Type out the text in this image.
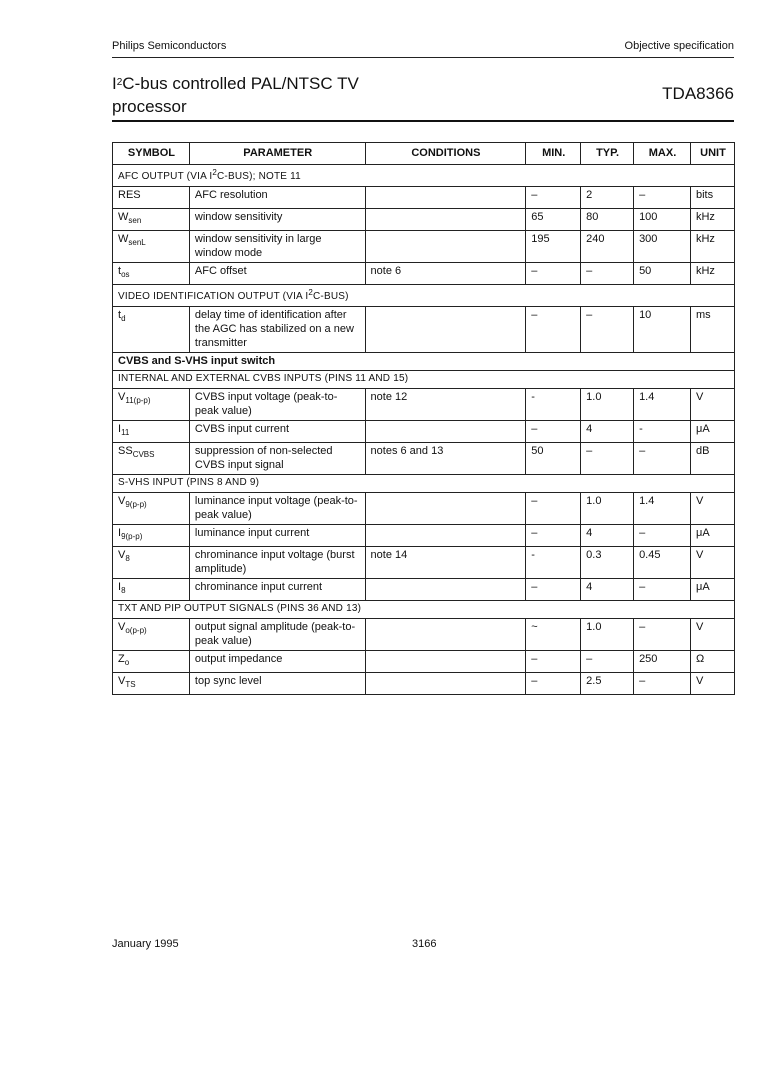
Philips Semiconductors	Objective specification
$I^2C$-bus controlled PAL/NTSC TV
processor
TDA8366
SYMBOL	PARAMETER	CONDITIONS	MIN.	TYP.	MAX.	UNIT
AFC OUTPUT (VIA $I^2C-BUS$); NOTE 11						
RES	AFC resolution		–	2	–	bits
$W_{sen}$	window sensitivity		65	80	100	kHz
$W_{senL}$	window sensitivity in large window mode		195	240	300	kHz
$t_{os}$	AFC offset	note 6	–	–	50	kHz
VIDEO IDENTIFICATION OUTPUT (VIA $I^2C-BUS$)						
$t_d$	delay time of identification after the AGC has stabilized on a new transmitter		–	–	10	ms
CVBS and S-VHS input switch						
INTERNAL AND EXTERNAL CVBS INPUTS (PINS 11 AND 15)						
$V_{11(p-p)}$	CVBS input voltage (peak-to-peak value)	note 12	-	1.0	1.4	V
$I_{11}$	CVBS input current		–	4	-	μA
$SS_{CVBS}$	suppression of non-selected CVBS input signal	notes 6 and 13	50	–	–	dB
S-VHS INPUT (PINS 8 AND 9)						
$V_{9(p-p)}$	luminance input voltage (peak-to-peak value)		–	1.0	1.4	V
$I_{9(p-p)}$	luminance input current		–	4	–	μA
$V_8$	chrominance input voltage (burst amplitude)	note 14	-	0.3	0.45	V
$I_8$	chrominance input current		–	4	–	μA
TXT AND PIP OUTPUT SIGNALS (PINS 36 AND 13)						
$V_{o(p-p)}$	output signal amplitude (peak-to-peak value)		~	1.0	–	V
$Z_o$	output impedance		–	–	250	Ω
$V_{TS}$	top sync level		–	2.5	–	V
January 1995	3166
